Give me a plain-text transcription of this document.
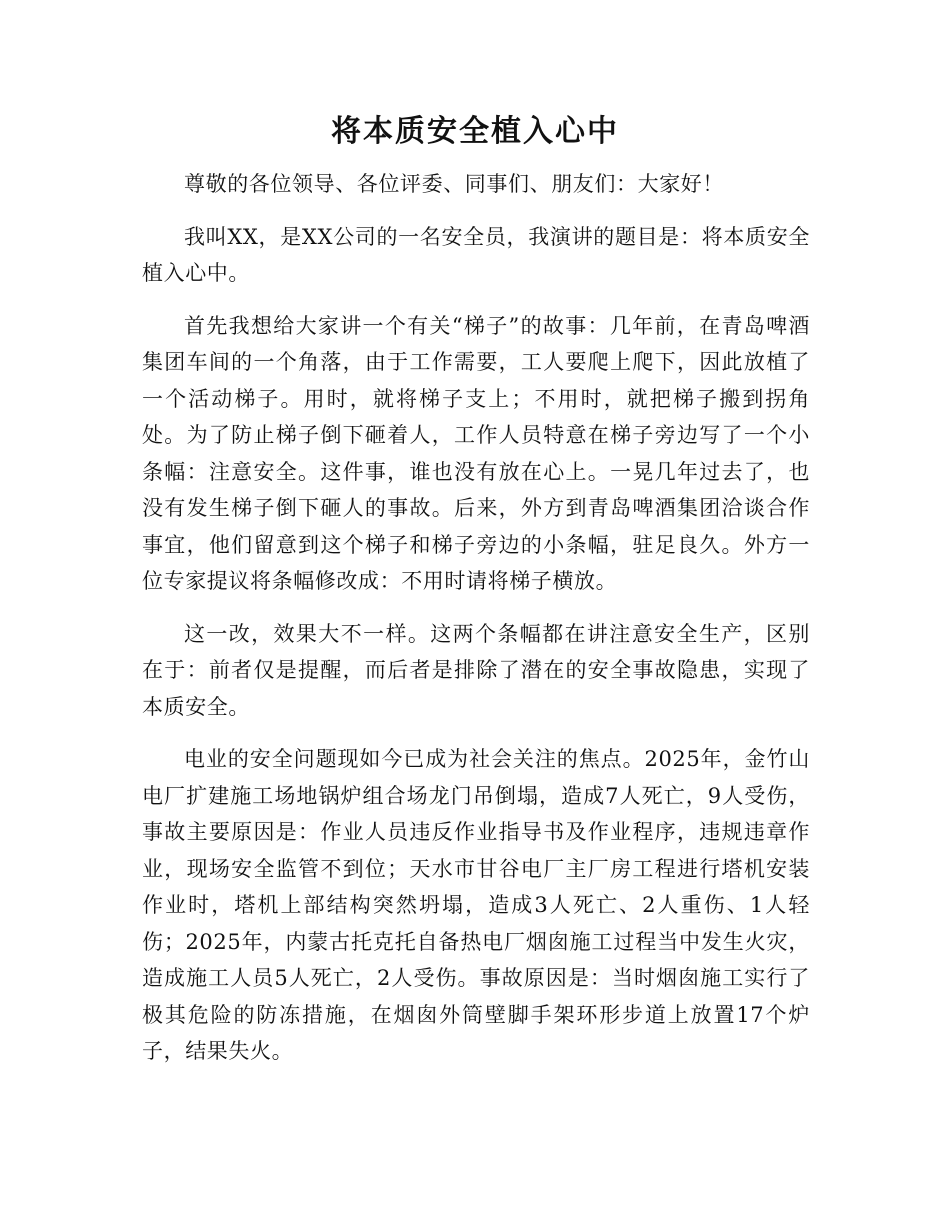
将本质安全植入心中

尊敬的各位领导、各位评委、同事们、朋友们：大家好！

我叫XX，是XX公司的一名安全员，我演讲的题目是：将本质安全植入心中。

首先我想给大家讲一个有关“梯子”的故事：几年前，在青岛啤酒集团车间的一个角落，由于工作需要，工人要爬上爬下，因此放植了一个活动梯子。用时，就将梯子支上；不用时，就把梯子搬到拐角处。为了防止梯子倒下砸着人，工作人员特意在梯子旁边写了一个小条幅：注意安全。这件事，谁也没有放在心上。一晃几年过去了，也没有发生梯子倒下砸人的事故。后来，外方到青岛啤酒集团洽谈合作事宜，他们留意到这个梯子和梯子旁边的小条幅，驻足良久。外方一位专家提议将条幅修改成：不用时请将梯子横放。

这一改，效果大不一样。这两个条幅都在讲注意安全生产，区别在于：前者仅是提醒，而后者是排除了潜在的安全事故隐患，实现了本质安全。

电业的安全问题现如今已成为社会关注的焦点。2025年，金竹山电厂扩建施工场地锅炉组合场龙门吊倒塌，造成7人死亡，9人受伤，事故主要原因是：作业人员违反作业指导书及作业程序，违规违章作业，现场安全监管不到位；天水市甘谷电厂主厂房工程进行塔机安装作业时，塔机上部结构突然坍塌，造成3人死亡、2人重伤、1人轻伤；2025年，内蒙古托克托自备热电厂烟囱施工过程当中发生火灾，造成施工人员5人死亡，2人受伤。事故原因是：当时烟囱施工实行了极其危险的防冻措施，在烟囱外筒壁脚手架环形步道上放置17个炉子，结果失火。
